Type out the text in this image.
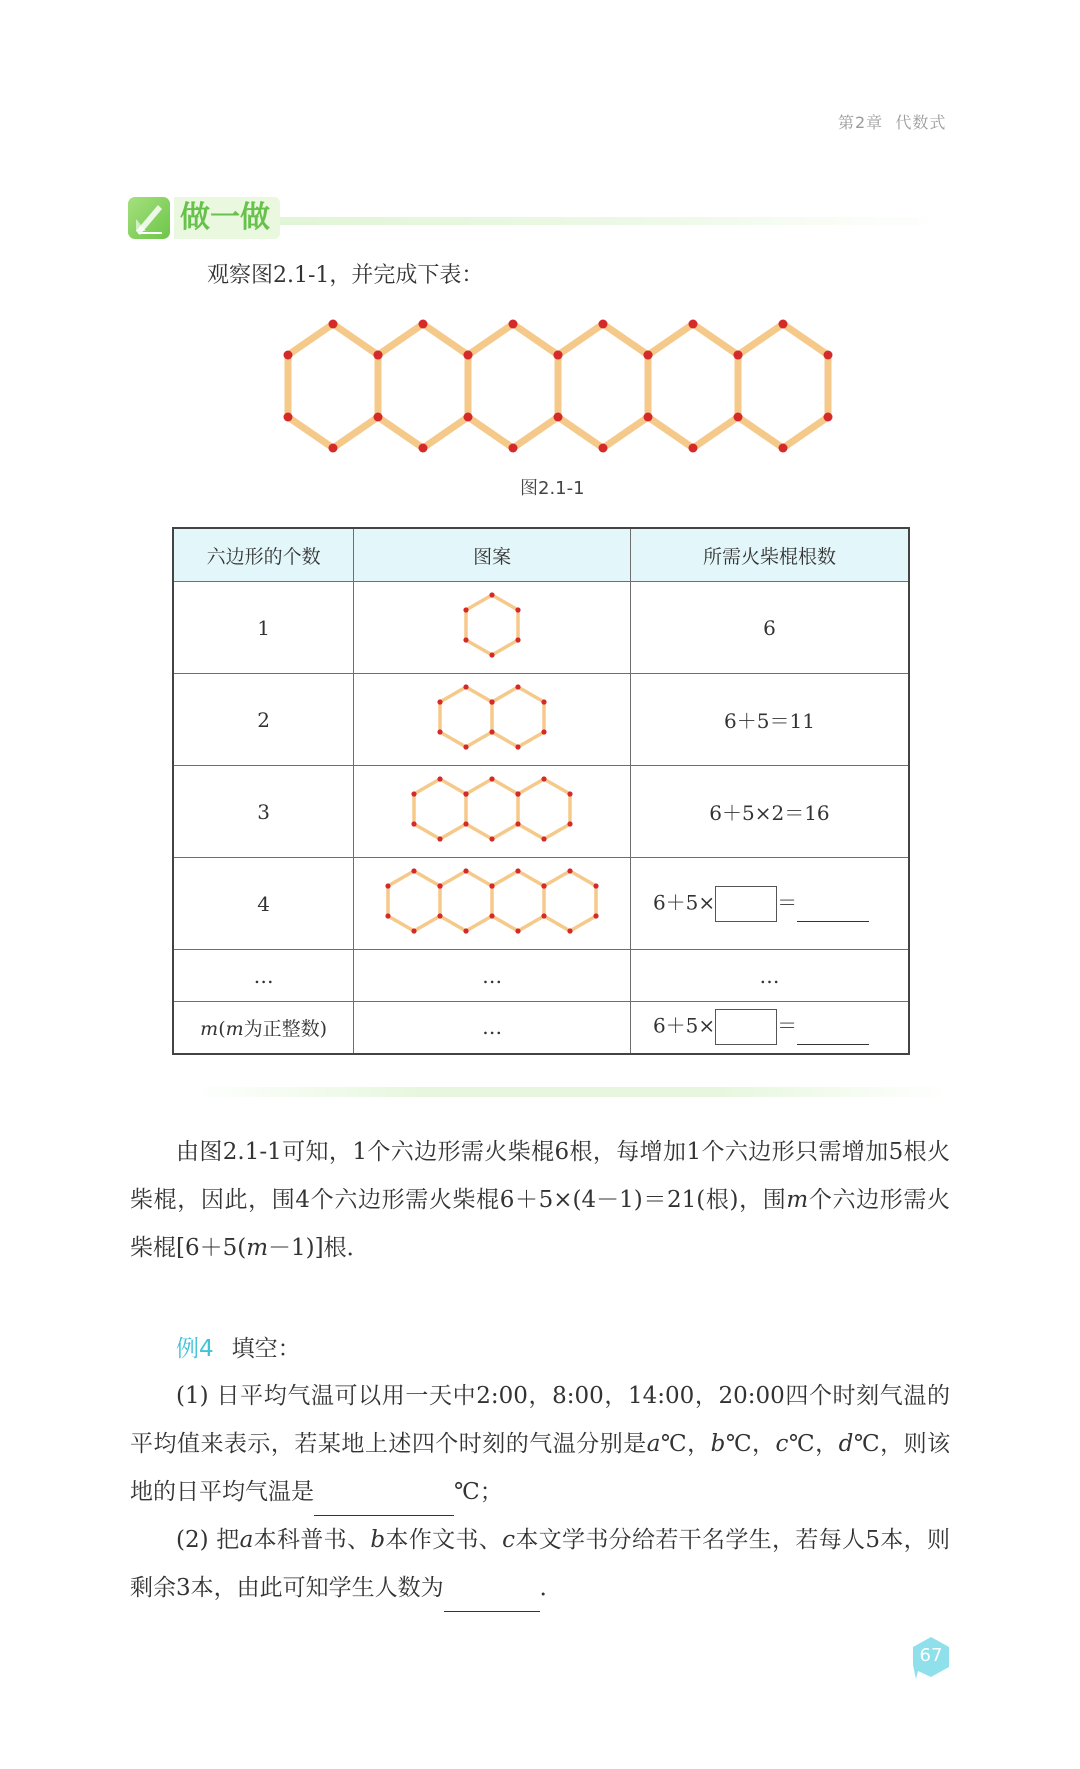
第2章  代数式
做一做
观察图2.1-1，并完成下表：
图2.1-1
六边形的个数	图案	所需火柴棍根数
1		6
2		6＋5＝11
3		6＋5×2＝16
4		6＋5× ＝
…	…	…
m(m为正整数)	…	6＋5× ＝
由图2.1-1可知，1个六边形需火柴棍6根，每增加1个六边形只需增加5根火柴棍，因此，围4个六边形需火柴棍6＋5×(4－1)＝21(根)，围m个六边形需火柴棍[6＋5(m－1)]根．
例4 填空：
(1) 日平均气温可以用一天中2:00，8:00，14:00，20:00四个时刻气温的平均值来表示，若某地上述四个时刻的气温分别是a℃，b℃，c℃，d℃，则该地的日平均气温是	℃；
(2) 把a本科普书、b本作文书、c本文学书分给若干名学生，若每人5本，则剩余3本，由此可知学生人数为	．
67
